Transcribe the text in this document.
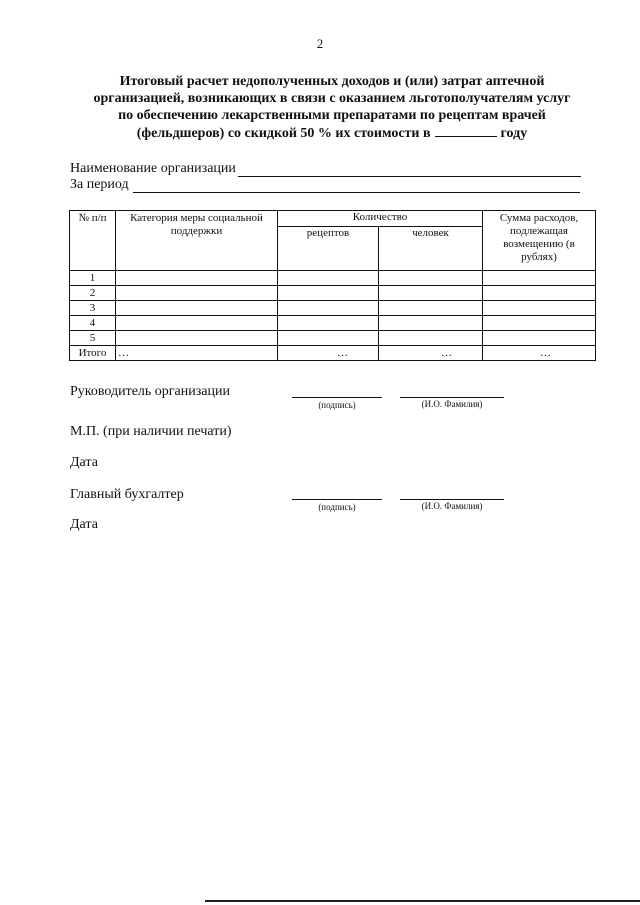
2
Итоговый расчет недополученных доходов и (или) затрат аптечной
организацией, возникающих в связи с оказанием льготополучателям услуг
по обеспечению лекарственными препаратами по рецептам врачей
(фельдшеров) со скидкой 50 % их стоимости в	году
Наименование организации
За период
№ п/п	Категория меры социальной поддержки	Количество		Сумма расходов, подлежащая возмещению (в рублях)
		рецептов	человек	
1				
2				
3				
4				
5				
Итого	…	…	…	…
Руководитель организации
(подпись)	(И.О. Фамилия)
М.П. (при наличии печати)
Дата
Главный бухгалтер
(подпись)	(И.О. Фамилия)
Дата
